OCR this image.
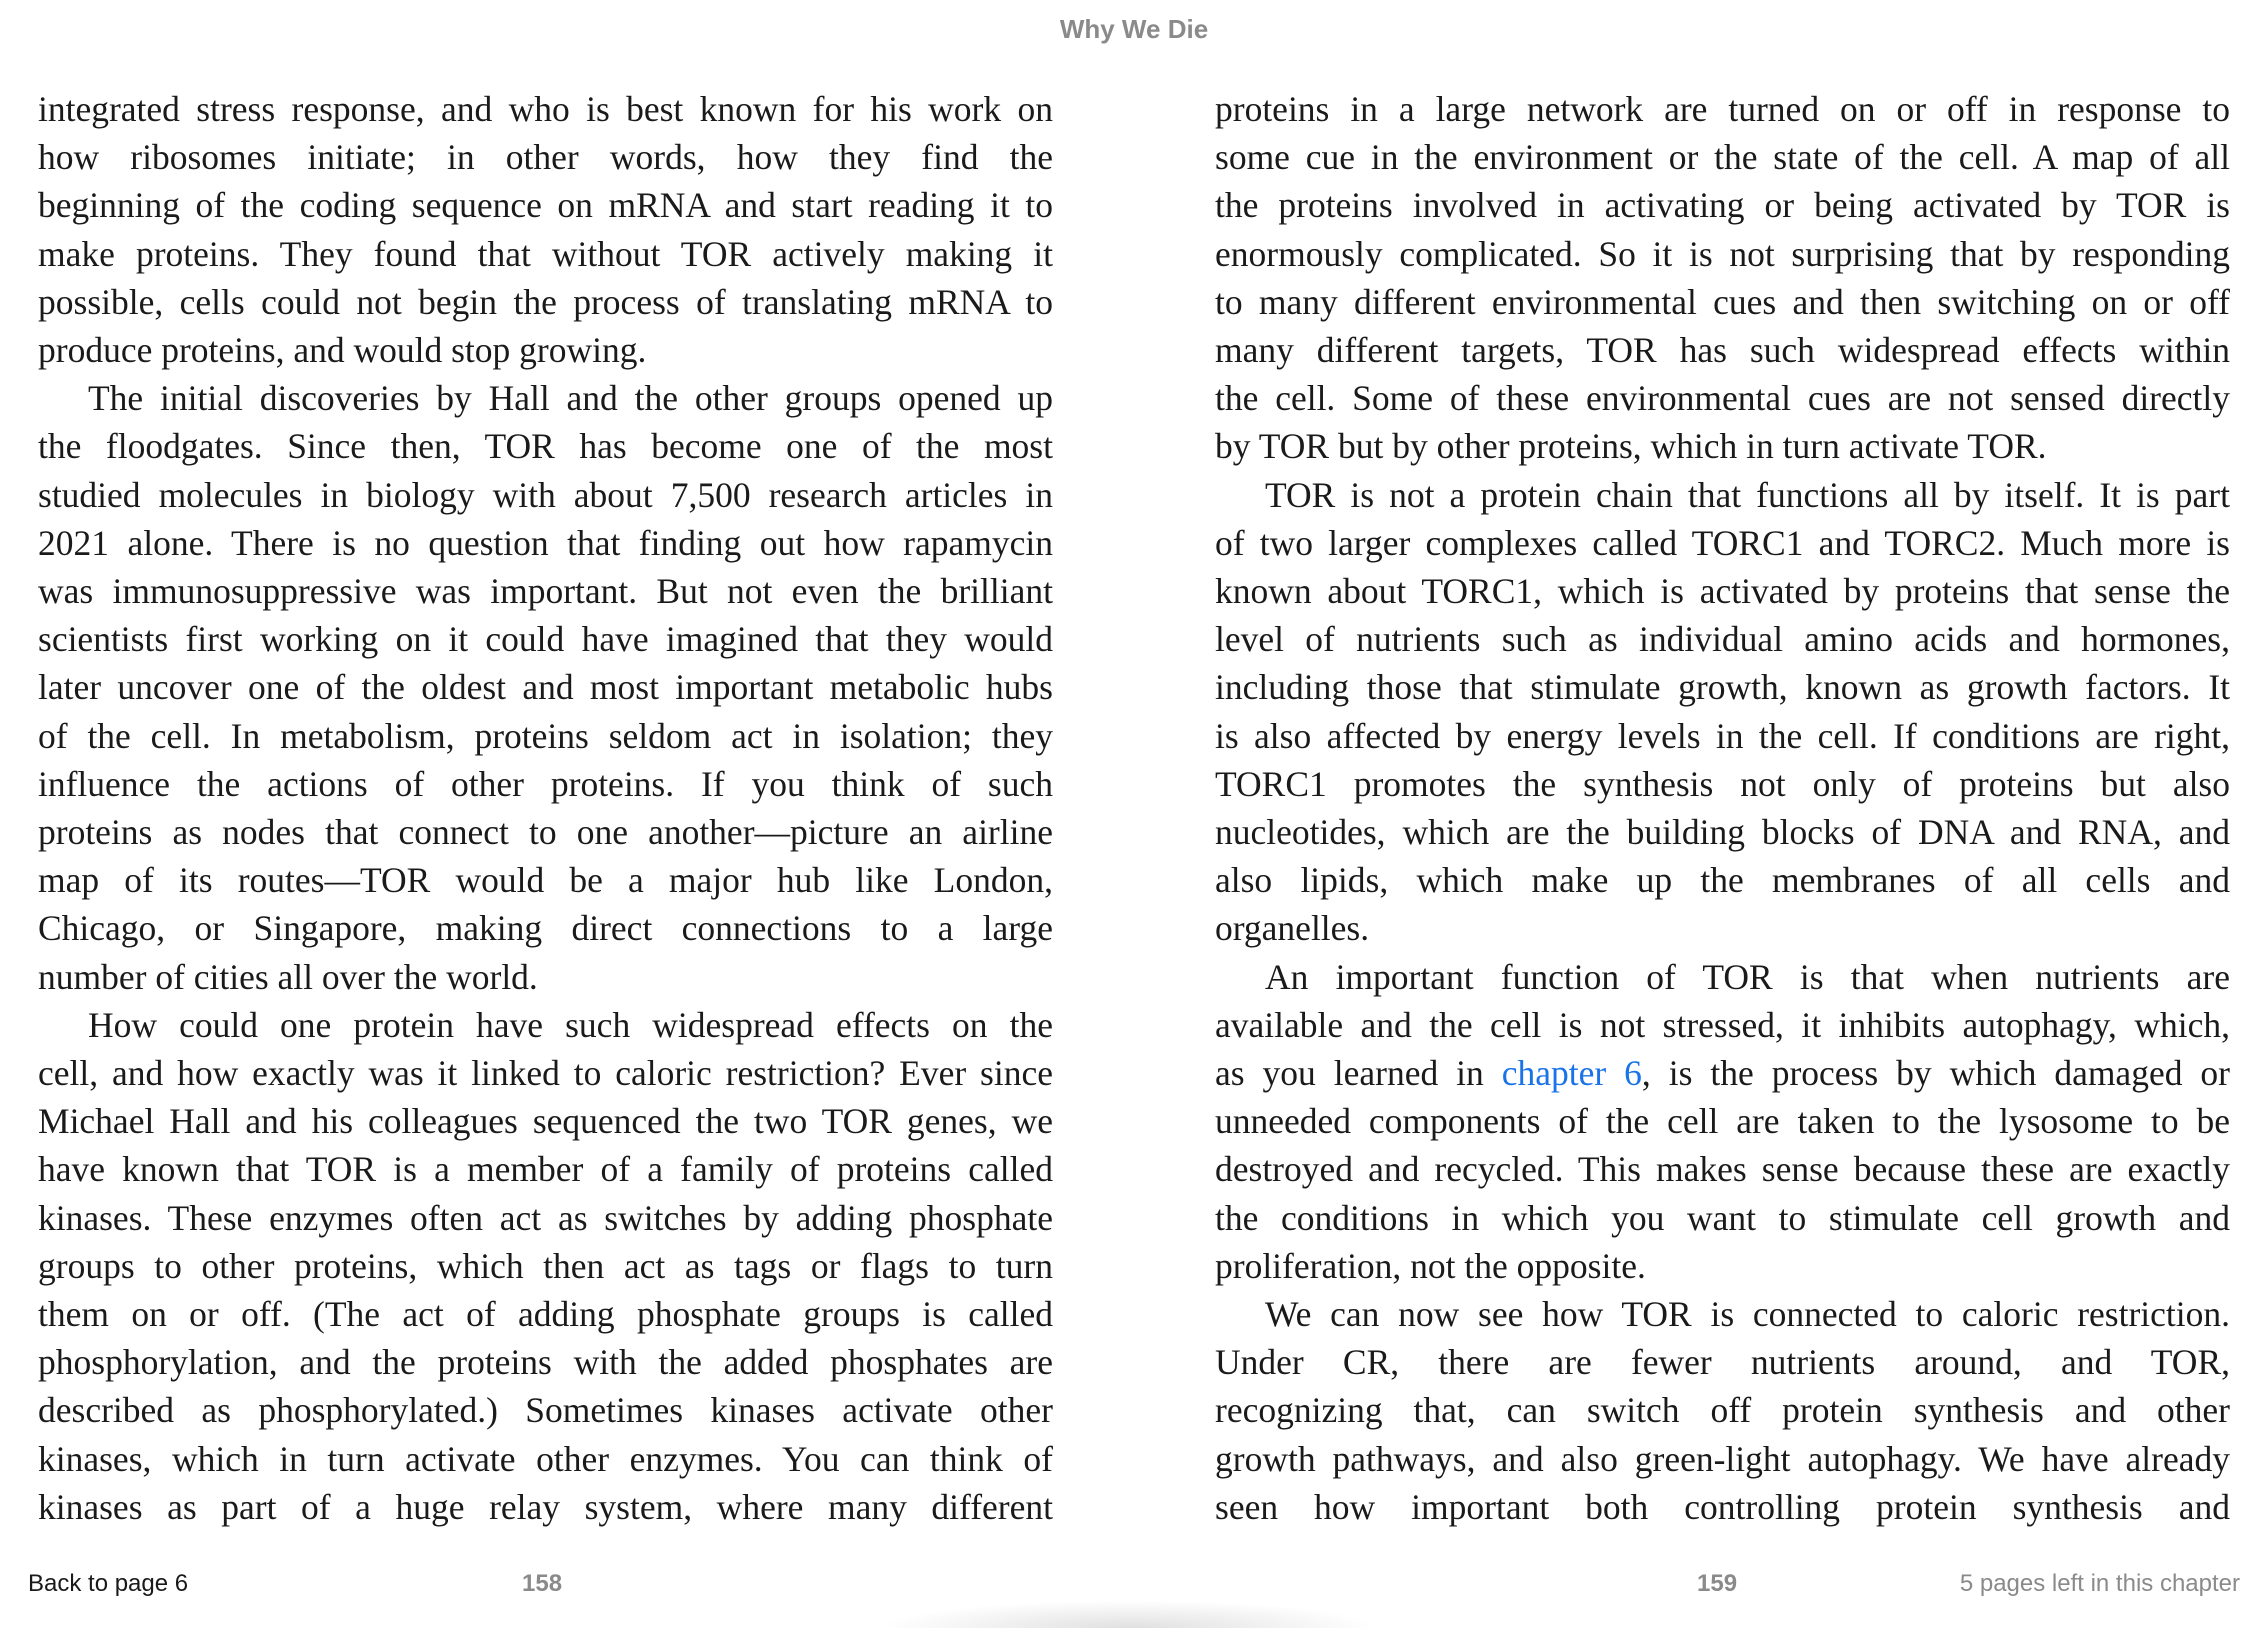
Why We Die
integrated stress response, and who is best known for his work on
how ribosomes initiate; in other words, how they find the
beginning of the coding sequence on mRNA and start reading it to
make proteins. They found that without TOR actively making it
possible, cells could not begin the process of translating mRNA to
produce proteins, and would stop growing.
The initial discoveries by Hall and the other groups opened up
the floodgates. Since then, TOR has become one of the most
studied molecules in biology with about 7,500 research articles in
2021 alone. There is no question that finding out how rapamycin
was immunosuppressive was important. But not even the brilliant
scientists first working on it could have imagined that they would
later uncover one of the oldest and most important metabolic hubs
of the cell. In metabolism, proteins seldom act in isolation; they
influence the actions of other proteins. If you think of such
proteins as nodes that connect to one another—picture an airline
map of its routes—TOR would be a major hub like London,
Chicago, or Singapore, making direct connections to a large
number of cities all over the world.
How could one protein have such widespread effects on the
cell, and how exactly was it linked to caloric restriction? Ever since
Michael Hall and his colleagues sequenced the two TOR genes, we
have known that TOR is a member of a family of proteins called
kinases. These enzymes often act as switches by adding phosphate
groups to other proteins, which then act as tags or flags to turn
them on or off. (The act of adding phosphate groups is called
phosphorylation, and the proteins with the added phosphates are
described as phosphorylated.) Sometimes kinases activate other
kinases, which in turn activate other enzymes. You can think of
kinases as part of a huge relay system, where many different
proteins in a large network are turned on or off in response to
some cue in the environment or the state of the cell. A map of all
the proteins involved in activating or being activated by TOR is
enormously complicated. So it is not surprising that by responding
to many different environmental cues and then switching on or off
many different targets, TOR has such widespread effects within
the cell. Some of these environmental cues are not sensed directly
by TOR but by other proteins, which in turn activate TOR.
TOR is not a protein chain that functions all by itself. It is part
of two larger complexes called TORC1 and TORC2. Much more is
known about TORC1, which is activated by proteins that sense the
level of nutrients such as individual amino acids and hormones,
including those that stimulate growth, known as growth factors. It
is also affected by energy levels in the cell. If conditions are right,
TORC1 promotes the synthesis not only of proteins but also
nucleotides, which are the building blocks of DNA and RNA, and
also lipids, which make up the membranes of all cells and
organelles.
An important function of TOR is that when nutrients are
available and the cell is not stressed, it inhibits autophagy, which,
as you learned in chapter 6, is the process by which damaged or
unneeded components of the cell are taken to the lysosome to be
destroyed and recycled. This makes sense because these are exactly
the conditions in which you want to stimulate cell growth and
proliferation, not the opposite.
We can now see how TOR is connected to caloric restriction.
Under CR, there are fewer nutrients around, and TOR,
recognizing that, can switch off protein synthesis and other
growth pathways, and also green-light autophagy. We have already
seen how important both controlling protein synthesis and
Back to page 6	158	159	5 pages left in this chapter
